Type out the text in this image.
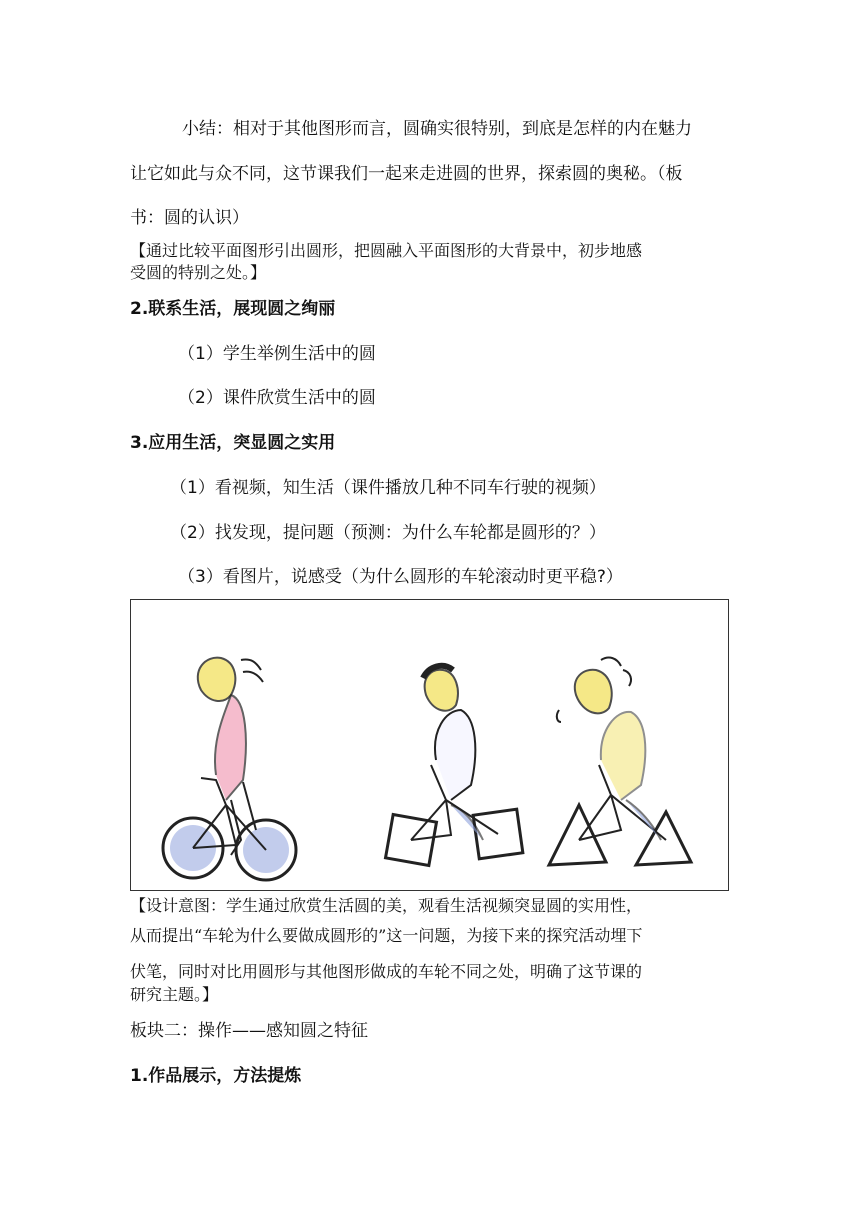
小结：相对于其他图形而言，圆确实很特别，到底是怎样的内在魅力
让它如此与众不同，这节课我们一起来走进圆的世界，探索圆的奥秘。（板
书：圆的认识）
【通过比较平面图形引出圆形，把圆融入平面图形的大背景中，初步地感
受圆的特别之处。】
2.联系生活，展现圆之绚丽
（1）学生举例生活中的圆
（2）课件欣赏生活中的圆
3.应用生活，突显圆之实用
（1）看视频，知生活（课件播放几种不同车行驶的视频）
（2）找发现，提问题（预测：为什么车轮都是圆形的？）
（3）看图片，说感受（为什么圆形的车轮滚动时更平稳?）
【设计意图：学生通过欣赏生活圆的美，观看生活视频突显圆的实用性，
从而提出“车轮为什么要做成圆形的”这一问题，为接下来的探究活动埋下
伏笔，同时对比用圆形与其他图形做成的车轮不同之处，明确了这节课的
研究主题。】
板块二：操作——感知圆之特征
1.作品展示，方法提炼
